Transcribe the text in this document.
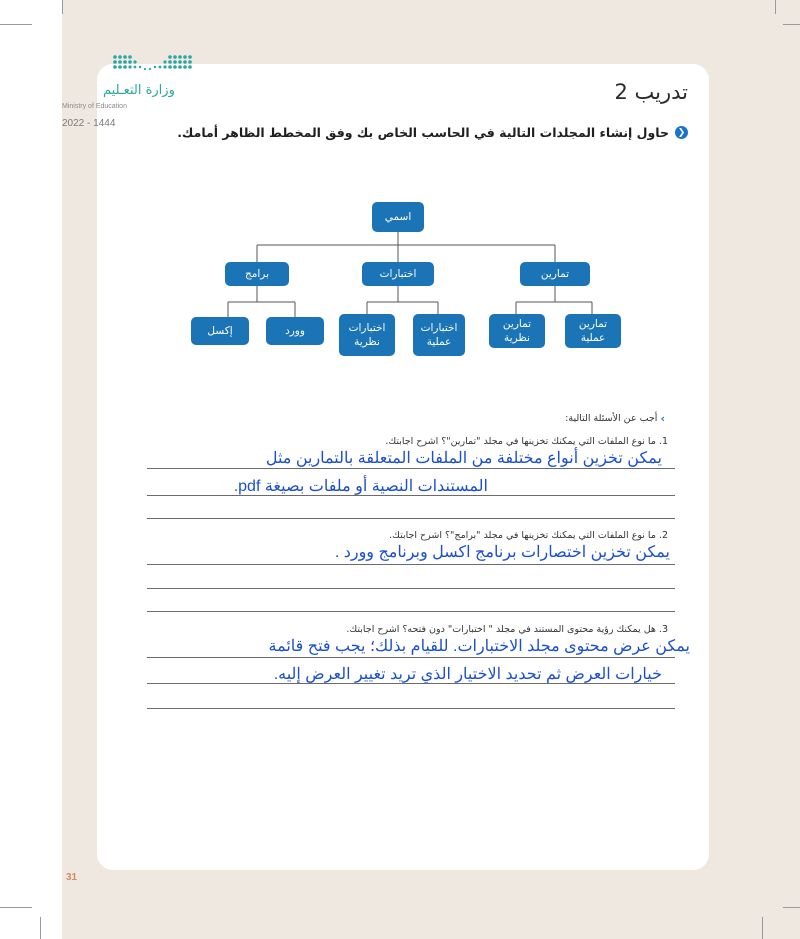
وزارة التعـليم
Ministry of Education
2022 - 1444
تدريب 2
❮
حاول إنشاء المجلدات التالية في الحاسب الخاص بك وفق المخطط الظاهر أمامك.
اسمي
تمارين
اختبارات
برامج
تمارين
عملية
تمارين
نظرية
اختبارات
عملية
اختبارات
نظرية
وورد
إكسل
›
أجب عن الأسئلة التالية:
1. ما نوع الملفات التي يمكنك تخزينها في مجلد "تمارين"؟ اشرح اجابتك.
يمكن تخزين أنواع مختلفة من الملفات المتعلقة بالتمارين مثل
المستندات النصية أو ملفات بصيغة pdf.
2. ما نوع الملفات التي يمكنك تخزينها في مجلد "برامج"؟ اشرح اجابتك.
يمكن تخزين اختصارات برنامج اكسل وبرنامج وورد .
3. هل يمكنك رؤية محتوى المستند في مجلد " اختبارات" دون فتحه؟ اشرح اجابتك.
يمكن عرض محتوى مجلد الاختبارات. للقيام بذلك؛ يجب فتح قائمة
خيارات العرض ثم تحديد الاختيار الذي تريد تغيير العرض إليه.
31
